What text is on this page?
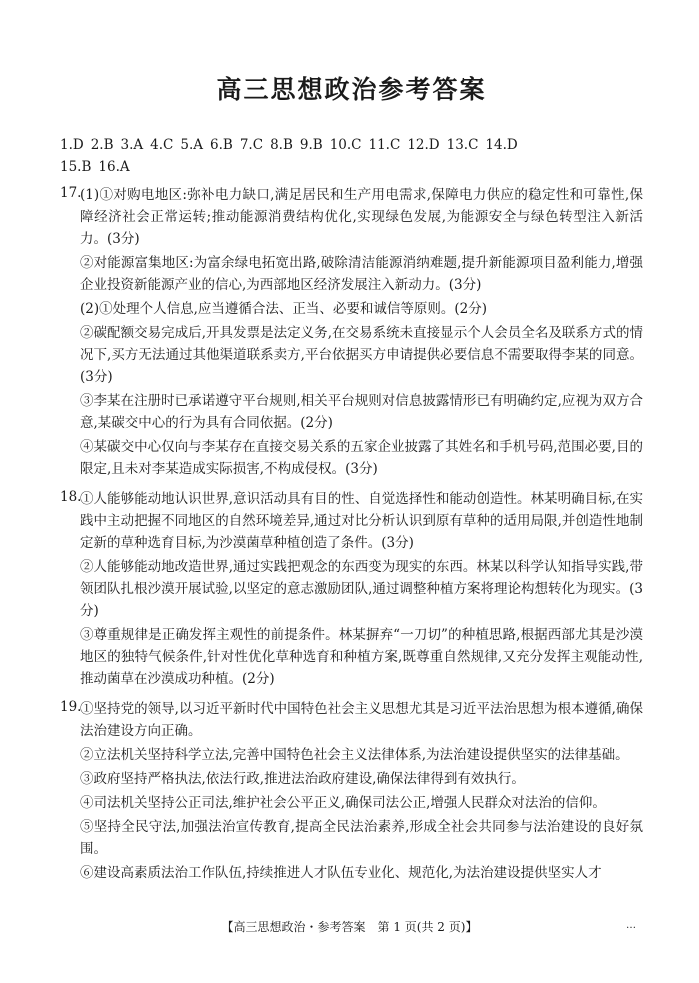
高三思想政治参考答案
1.D 2.B 3.A 4.C 5.A 6.B 7.C 8.B 9.B 10.C 11.C 12.D 13.C 14.D
15.B 16.A
17.
(1)①对购电地区:弥补电力缺口,满足居民和生产用电需求,保障电力供应的稳定性和可靠性,保障经济社会正常运转;推动能源消费结构优化,实现绿色发展,为能源安全与绿色转型注入新活力。(3分)
②对能源富集地区:为富余绿电拓宽出路,破除清洁能源消纳难题,提升新能源项目盈利能力,增强企业投资新能源产业的信心,为西部地区经济发展注入新动力。(3分)
(2)①处理个人信息,应当遵循合法、正当、必要和诚信等原则。(2分)
②碳配额交易完成后,开具发票是法定义务,在交易系统未直接显示个人会员全名及联系方式的情况下,买方无法通过其他渠道联系卖方,平台依据买方申请提供必要信息不需要取得李某的同意。(3分)
③李某在注册时已承诺遵守平台规则,相关平台规则对信息披露情形已有明确约定,应视为双方合意,某碳交中心的行为具有合同依据。(2分)
④某碳交中心仅向与李某存在直接交易关系的五家企业披露了其姓名和手机号码,范围必要,目的限定,且未对李某造成实际损害,不构成侵权。(3分)
18.
①人能够能动地认识世界,意识活动具有目的性、自觉选择性和能动创造性。林某明确目标,在实践中主动把握不同地区的自然环境差异,通过对比分析认识到原有草种的适用局限,并创造性地制定新的草种选育目标,为沙漠菌草种植创造了条件。(3分)
②人能够能动地改造世界,通过实践把观念的东西变为现实的东西。林某以科学认知指导实践,带领团队扎根沙漠开展试验,以坚定的意志激励团队,通过调整种植方案将理论构想转化为现实。(3分)
③尊重规律是正确发挥主观性的前提条件。林某摒弃“一刀切”的种植思路,根据西部尤其是沙漠地区的独特气候条件,针对性优化草种选育和种植方案,既尊重自然规律,又充分发挥主观能动性,推动菌草在沙漠成功种植。(2分)
19.
①坚持党的领导,以习近平新时代中国特色社会主义思想尤其是习近平法治思想为根本遵循,确保法治建设方向正确。
②立法机关坚持科学立法,完善中国特色社会主义法律体系,为法治建设提供坚实的法律基础。
③政府坚持严格执法,依法行政,推进法治政府建设,确保法律得到有效执行。
④司法机关坚持公正司法,维护社会公平正义,确保司法公正,增强人民群众对法治的信仰。
⑤坚持全民守法,加强法治宣传教育,提高全民法治素养,形成全社会共同参与法治建设的良好氛围。
⑥建设高素质法治工作队伍,持续推进人才队伍专业化、规范化,为法治建设提供坚实人才
【高三思想政治・参考答案　第 1 页(共 2 页)】	…
